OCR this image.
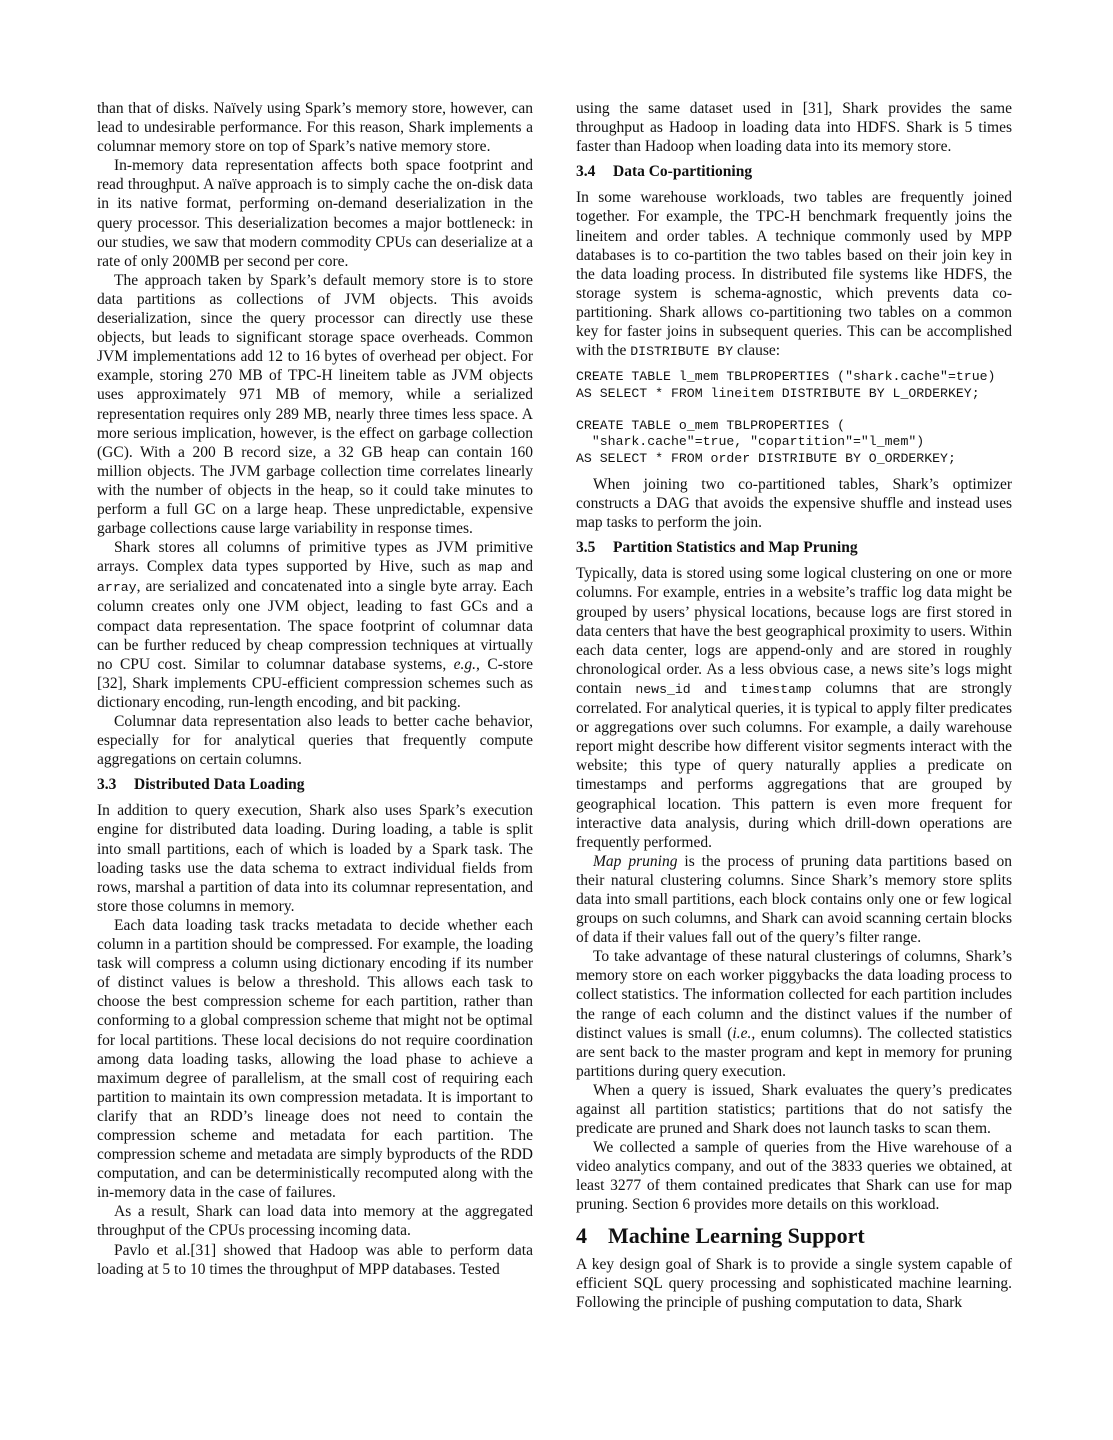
than that of disks. Naïvely using Spark’s memory store, however, can lead to undesirable performance. For this reason, Shark implements a columnar memory store on top of Spark’s native memory store.

In-memory data representation affects both space footprint and read throughput. A naïve approach is to simply cache the on-disk data in its native format, performing on-demand deserialization in the query processor. This deserialization becomes a major bottleneck: in our studies, we saw that modern commodity CPUs can deserialize at a rate of only 200MB per second per core.

The approach taken by Spark’s default memory store is to store data partitions as collections of JVM objects. This avoids deserialization, since the query processor can directly use these objects, but leads to significant storage space overheads. Common JVM implementations add 12 to 16 bytes of overhead per object. For example, storing 270 MB of TPC-H lineitem table as JVM objects uses approximately 971 MB of memory, while a serialized representation requires only 289 MB, nearly three times less space. A more serious implication, however, is the effect on garbage collection (GC). With a 200 B record size, a 32 GB heap can contain 160 million objects. The JVM garbage collection time correlates linearly with the number of objects in the heap, so it could take minutes to perform a full GC on a large heap. These unpredictable, expensive garbage collections cause large variability in response times.

Shark stores all columns of primitive types as JVM primitive arrays. Complex data types supported by Hive, such as map and array, are serialized and concatenated into a single byte array. Each column creates only one JVM object, leading to fast GCs and a compact data representation. The space footprint of columnar data can be further reduced by cheap compression techniques at virtually no CPU cost. Similar to columnar database systems, e.g., C-store [32], Shark implements CPU-efficient compression schemes such as dictionary encoding, run-length encoding, and bit packing.

Columnar data representation also leads to better cache behavior, especially for for analytical queries that frequently compute aggregations on certain columns.

3.3 Distributed Data Loading

In addition to query execution, Shark also uses Spark’s execution engine for distributed data loading. During loading, a table is split into small partitions, each of which is loaded by a Spark task. The loading tasks use the data schema to extract individual fields from rows, marshal a partition of data into its columnar representation, and store those columns in memory.

Each data loading task tracks metadata to decide whether each column in a partition should be compressed. For example, the loading task will compress a column using dictionary encoding if its number of distinct values is below a threshold. This allows each task to choose the best compression scheme for each partition, rather than conforming to a global compression scheme that might not be optimal for local partitions. These local decisions do not require coordination among data loading tasks, allowing the load phase to achieve a maximum degree of parallelism, at the small cost of requiring each partition to maintain its own compression metadata. It is important to clarify that an RDD’s lineage does not need to contain the compression scheme and metadata for each partition. The compression scheme and metadata are simply byproducts of the RDD computation, and can be deterministically recomputed along with the in-memory data in the case of failures.

As a result, Shark can load data into memory at the aggregated throughput of the CPUs processing incoming data.

Pavlo et al.[31] showed that Hadoop was able to perform data loading at 5 to 10 times the throughput of MPP databases. Tested

using the same dataset used in [31], Shark provides the same throughput as Hadoop in loading data into HDFS. Shark is 5 times faster than Hadoop when loading data into its memory store.

3.4 Data Co-partitioning

In some warehouse workloads, two tables are frequently joined together. For example, the TPC-H benchmark frequently joins the lineitem and order tables. A technique commonly used by MPP databases is to co-partition the two tables based on their join key in the data loading process. In distributed file systems like HDFS, the storage system is schema-agnostic, which prevents data co-partitioning. Shark allows co-partitioning two tables on a common key for faster joins in subsequent queries. This can be accomplished with the DISTRIBUTE BY clause:

CREATE TABLE l_mem TBLPROPERTIES ("shark.cache"=true)
AS SELECT * FROM lineitem DISTRIBUTE BY L_ORDERKEY;

CREATE TABLE o_mem TBLPROPERTIES (
"shark.cache"=true, "copartition"="l_mem")
AS SELECT * FROM order DISTRIBUTE BY O_ORDERKEY;

When joining two co-partitioned tables, Shark’s optimizer constructs a DAG that avoids the expensive shuffle and instead uses map tasks to perform the join.

3.5 Partition Statistics and Map Pruning

Typically, data is stored using some logical clustering on one or more columns. For example, entries in a website’s traffic log data might be grouped by users’ physical locations, because logs are first stored in data centers that have the best geographical proximity to users. Within each data center, logs are append-only and are stored in roughly chronological order. As a less obvious case, a news site’s logs might contain news_id and timestamp columns that are strongly correlated. For analytical queries, it is typical to apply filter predicates or aggregations over such columns. For example, a daily warehouse report might describe how different visitor segments interact with the website; this type of query naturally applies a predicate on timestamps and performs aggregations that are grouped by geographical location. This pattern is even more frequent for interactive data analysis, during which drill-down operations are frequently performed.

Map pruning is the process of pruning data partitions based on their natural clustering columns. Since Shark’s memory store splits data into small partitions, each block contains only one or few logical groups on such columns, and Shark can avoid scanning certain blocks of data if their values fall out of the query’s filter range.

To take advantage of these natural clusterings of columns, Shark’s memory store on each worker piggybacks the data loading process to collect statistics. The information collected for each partition includes the range of each column and the distinct values if the number of distinct values is small (i.e., enum columns). The collected statistics are sent back to the master program and kept in memory for pruning partitions during query execution.

When a query is issued, Shark evaluates the query’s predicates against all partition statistics; partitions that do not satisfy the predicate are pruned and Shark does not launch tasks to scan them.

We collected a sample of queries from the Hive warehouse of a video analytics company, and out of the 3833 queries we obtained, at least 3277 of them contained predicates that Shark can use for map pruning. Section 6 provides more details on this workload.

4 Machine Learning Support

A key design goal of Shark is to provide a single system capable of efficient SQL query processing and sophisticated machine learning. Following the principle of pushing computation to data, Shark
